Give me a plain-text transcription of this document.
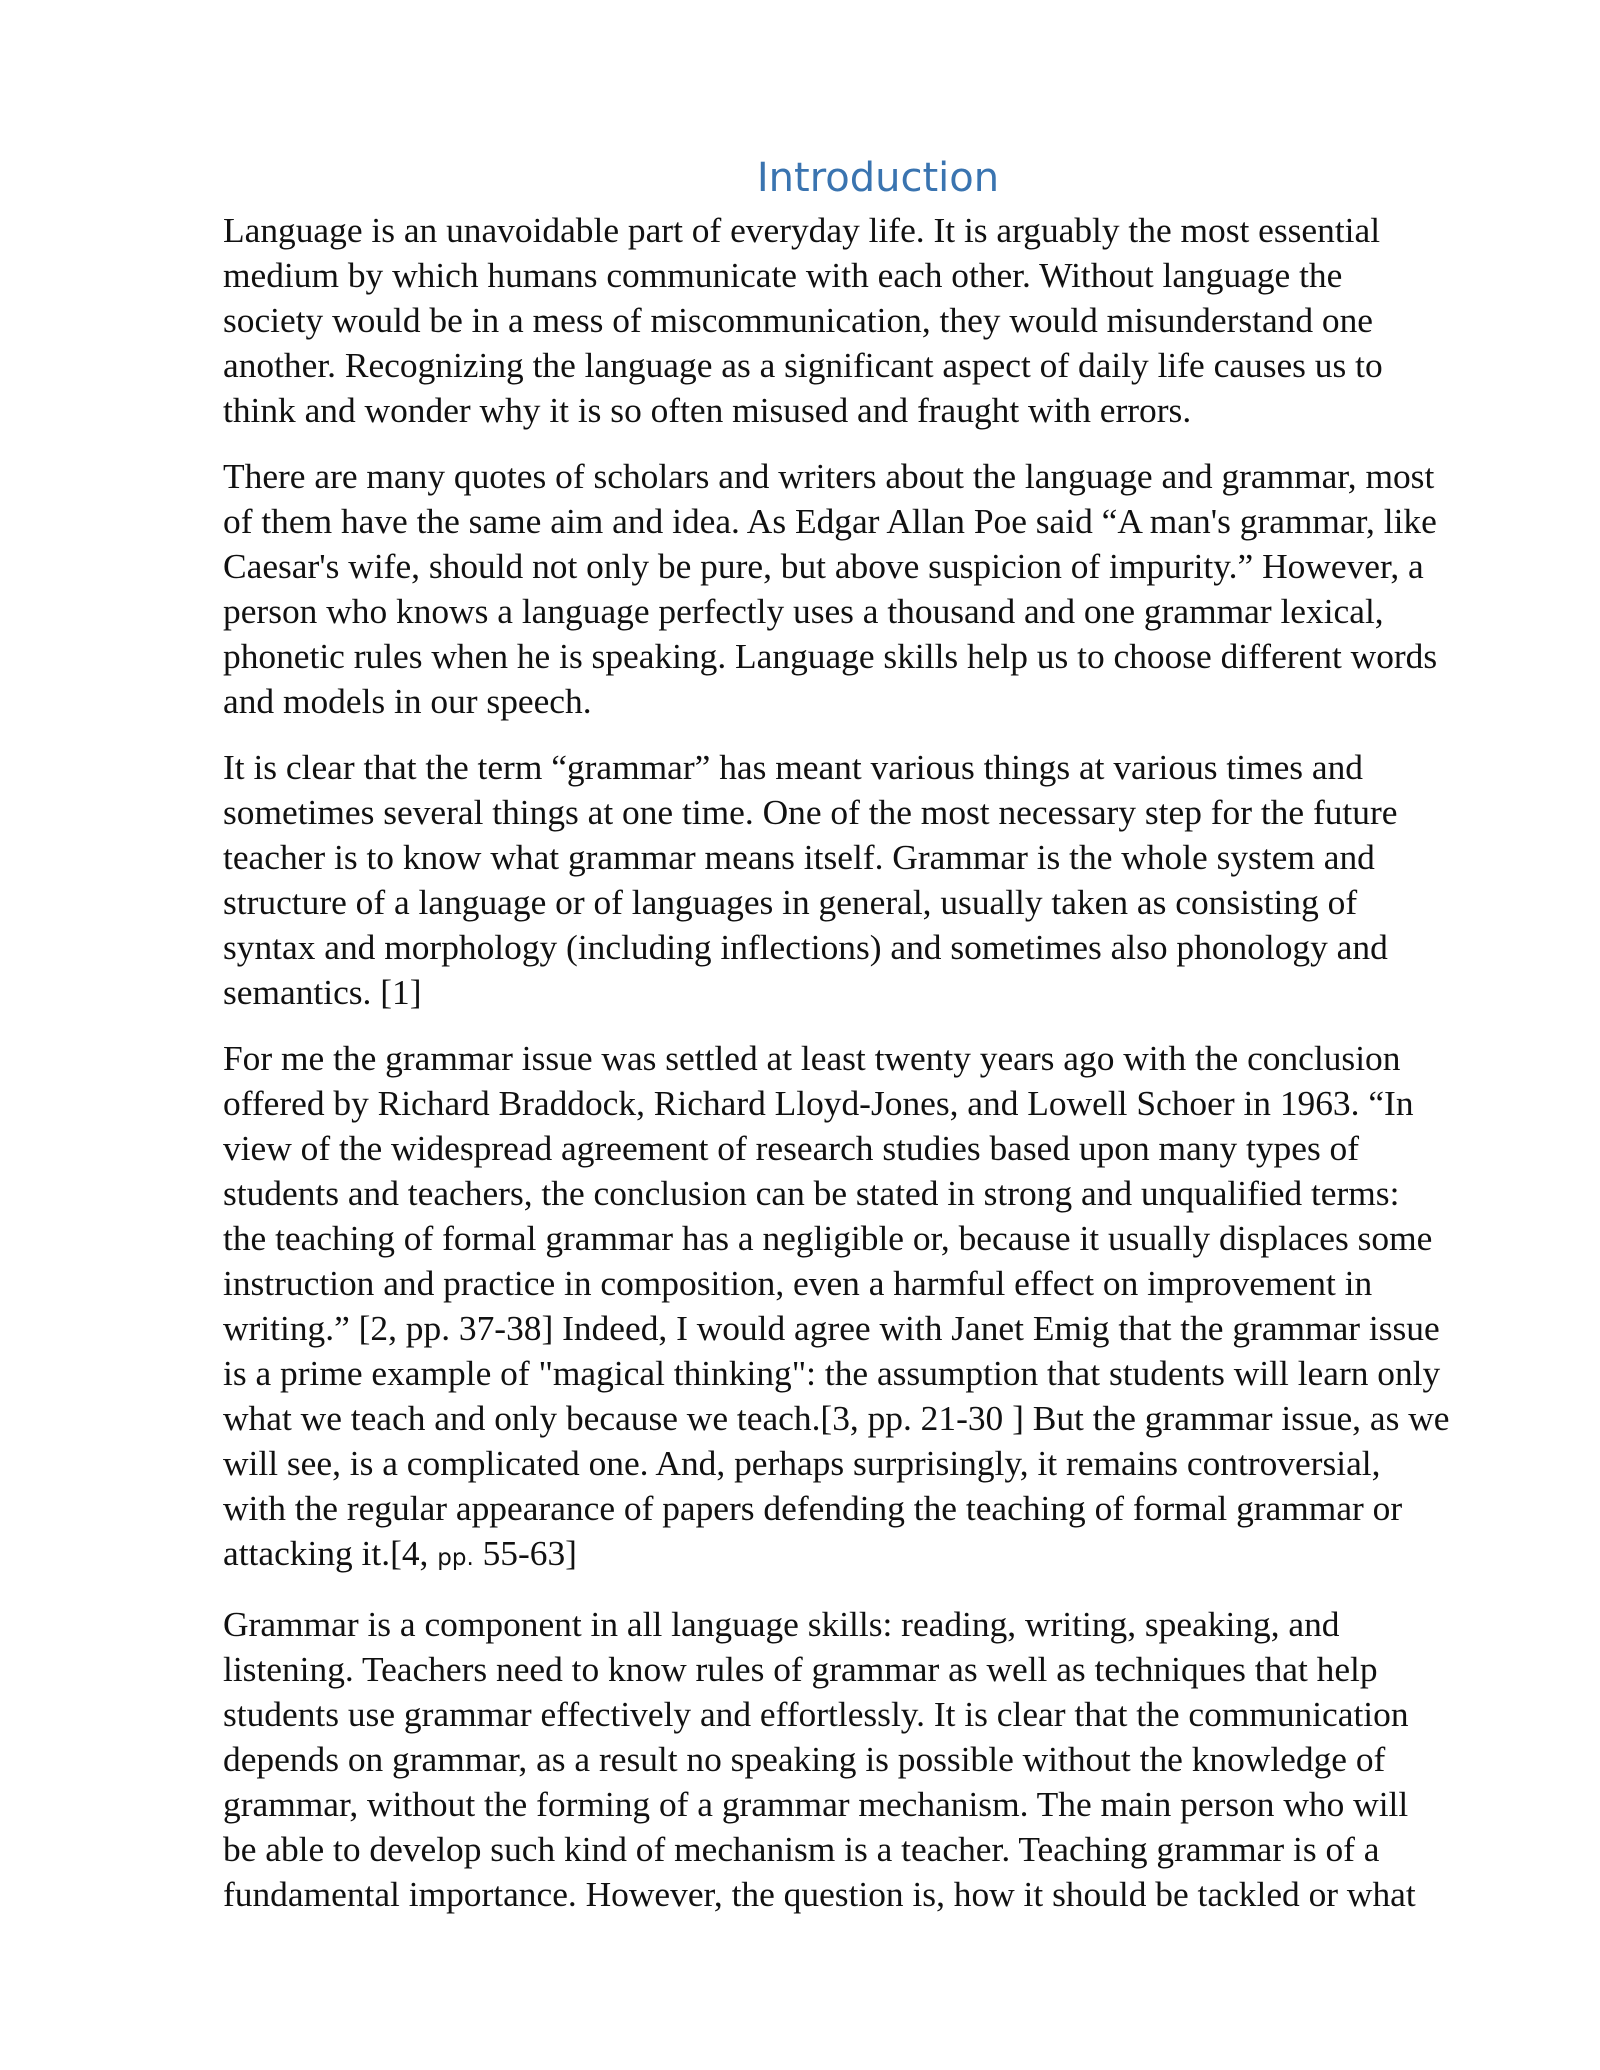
Introduction

Language is an unavoidable part of everyday life. It is arguably the most essential
medium by which humans communicate with each other. Without language the
society would be in a mess of miscommunication, they would misunderstand one
another. Recognizing the language as a significant aspect of daily life causes us to
think and wonder why it is so often misused and fraught with errors.

There are many quotes of scholars and writers about the language and grammar, most
of them have the same aim and idea. As Edgar Allan Poe said “A man's grammar, like
Caesar's wife, should not only be pure, but above suspicion of impurity.” However, a
person who knows a language perfectly uses a thousand and one grammar lexical,
phonetic rules when he is speaking. Language skills help us to choose different words
and models in our speech.

It is clear that the term “grammar” has meant various things at various times and
sometimes several things at one time. One of the most necessary step for the future
teacher is to know what grammar means itself. Grammar is the whole system and
structure of a language or of languages in general, usually taken as consisting of
syntax and morphology (including inflections) and sometimes also phonology and
semantics. [1]

For me the grammar issue was settled at least twenty years ago with the conclusion
offered by Richard Braddock, Richard Lloyd-Jones, and Lowell Schoer in 1963. “In
view of the widespread agreement of research studies based upon many types of
students and teachers, the conclusion can be stated in strong and unqualified terms:
the teaching of formal grammar has a negligible or, because it usually displaces some
instruction and practice in composition, even a harmful effect on improvement in
writing.” [2, pp. 37-38] Indeed, I would agree with Janet Emig that the grammar issue
is a prime example of "magical thinking": the assumption that students will learn only
what we teach and only because we teach.[3, pp. 21-30 ] But the grammar issue, as we
will see, is a complicated one. And, perhaps surprisingly, it remains controversial,
with the regular appearance of papers defending the teaching of formal grammar or
attacking it.[4, pp. 55-63]

Grammar is a component in all language skills: reading, writing, speaking, and
listening. Teachers need to know rules of grammar as well as techniques that help
students use grammar effectively and effortlessly. It is clear that the communication
depends on grammar, as a result no speaking is possible without the knowledge of
grammar, without the forming of a grammar mechanism. The main person who will
be able to develop such kind of mechanism is a teacher. Teaching grammar is of a
fundamental importance. However, the question is, how it should be tackled or what
